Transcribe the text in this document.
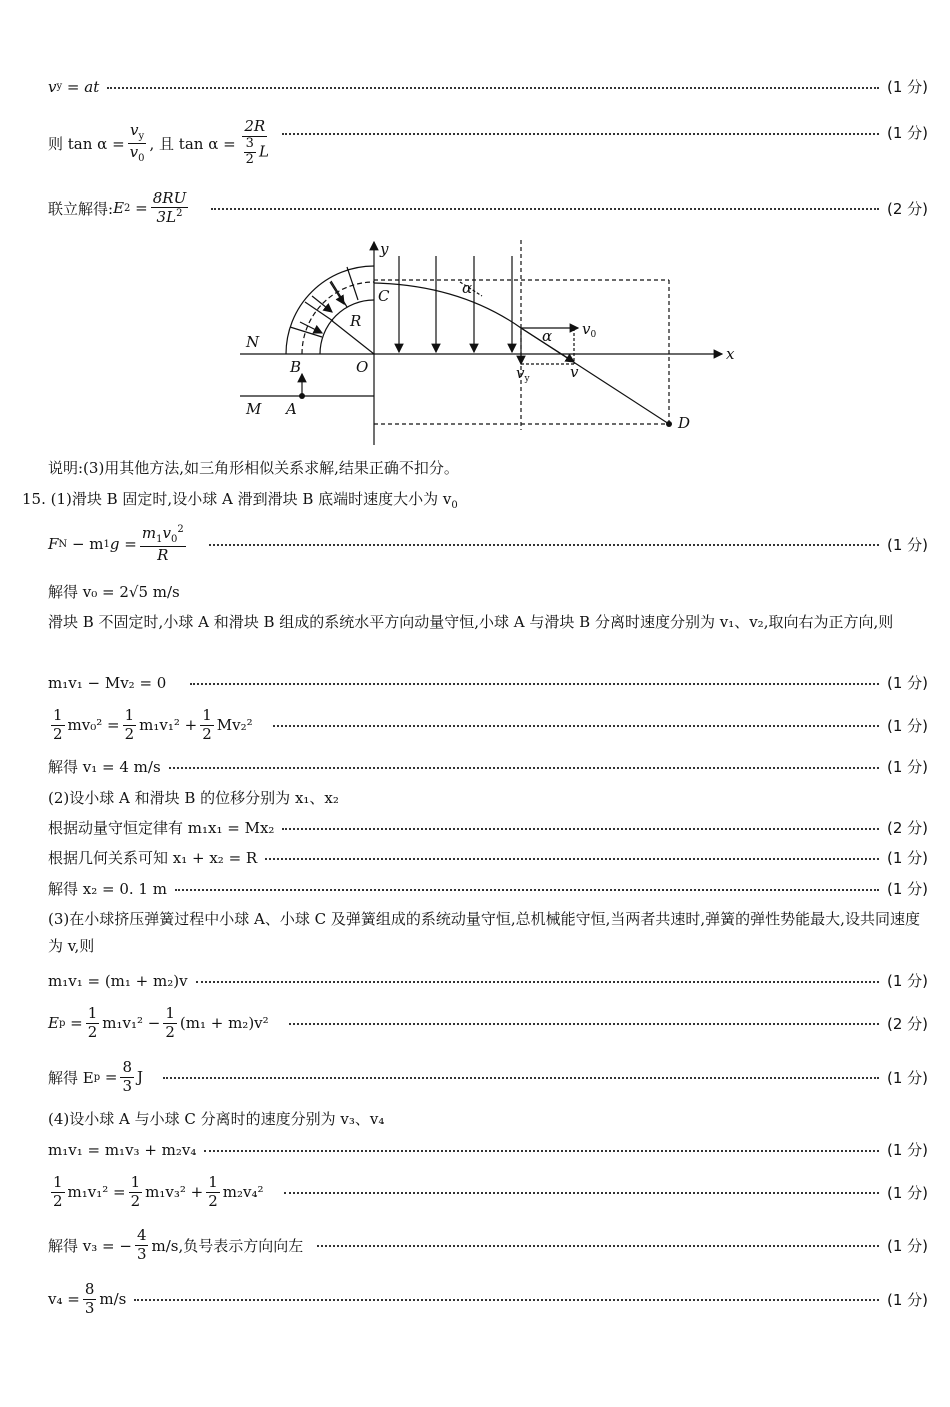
v y
= at	(1 分)
则 $\tan \alpha = \frac{v_y}{v_0}$ , 且 $\tan \alpha = \frac{2R}{\frac{3}{2} L}$	(1 分)
联立解得: E 2
= $\frac{8RU}{3L^2}$	(2 分)
y
x
C
R
N
B	O
M A
D
α
α $v_0$
$v_y$	v
说明:(3)用其他方法,如三角形相似关系求解,结果正确不扣分。
15. (1)滑块 B 固定时,设小球 A 滑到滑块 B 底端时速度大小为 $v_0$
F N
− m 1 $g = \frac{m_1v_0^2}{R}$	(1 分)
解得 v₀ = 2√5 m/s
滑块 B 不固定时,小球 A 和滑块 B 组成的系统水平方向动量守恒,小球 A 与滑块 B 分离时速度分别为 v₁、v₂,取向右为正方向,则
m₁v₁ − Mv₂ = 0	(1 分)
$\frac{1}{2} mv_0^2 = \frac{1}{2} m_1v_1^2 + \frac{1}{2} Mv_2^2$	(1 分)
解得 v₁ = 4 m/s	(1 分)
(2)设小球 A 和滑块 B 的位移分别为 x₁、x₂
根据动量守恒定律有 m₁x₁ = Mx₂	(2 分)
根据几何关系可知 x₁ + x₂ = R	(1 分)
解得 x₂ = 0. 1 m	(1 分)
(3)在小球挤压弹簧过程中小球 A、小球 C 及弹簧组成的系统动量守恒,总机械能守恒,当两者共速时,弹簧的弹性势能最大,设共同速度为 v,则
m₁v₁ = (m₁ + m₂)v	(1 分)
E p
= $\frac{1}{2} m_1v_1^2 - \frac{1}{2} (m_1 + m_2)v^2$	(2 分)
解得 E p
= $\frac{8}{3}$ J	(1 分)
(4)设小球 A 与小球 C 分离时的速度分别为 v₃、v₄
m₁v₁ = m₁v₃ + m₂v₄	(1 分)
$\frac{1}{2} m_1v_1^2 = \frac{1}{2} m_1v_3^2 + \frac{1}{2} m_2v_4^2$	(1 分)
解得 v₃ = − $\frac{4}{3} m/s$,负号表示方向向左	(1 分)
$v_4 = \frac{8}{3} m/s$	(1 分)
